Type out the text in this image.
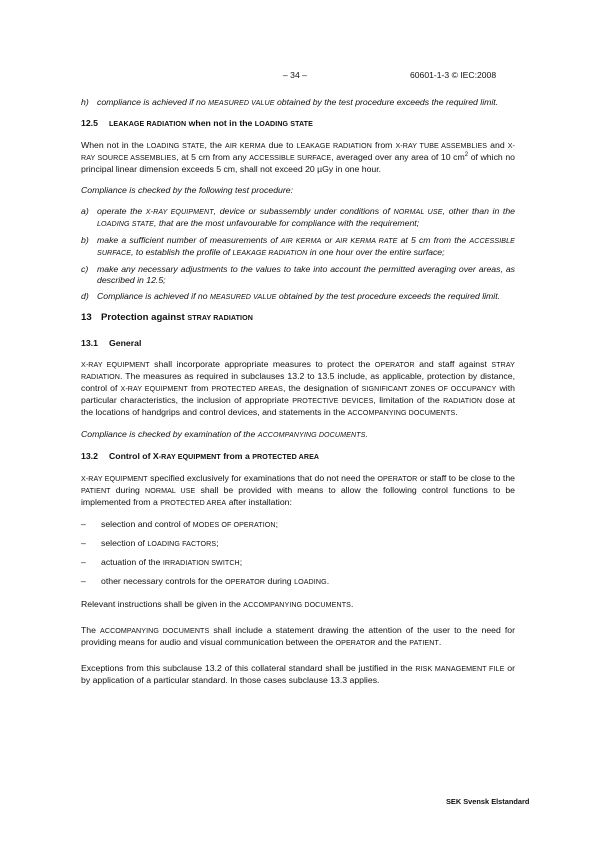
– 34 –	60601-1-3 © IEC:2008
h) compliance is achieved if no MEASURED VALUE obtained by the test procedure exceeds the required limit.
12.5 LEAKAGE RADIATION when not in the LOADING STATE

When not in the LOADING STATE, the AIR KERMA due to LEAKAGE RADIATION from X-RAY TUBE ASSEMBLIES and X-RAY SOURCE ASSEMBLIES, at 5 cm from any ACCESSIBLE SURFACE, averaged over any area of 10 $cm^2$ of which no principal linear dimension exceeds 5 cm, shall not exceed 20 µGy in one hour.

Compliance is checked by the following test procedure:

a) operate the X-RAY EQUIPMENT, device or subassembly under conditions of NORMAL USE, other than in the LOADING STATE, that are the most unfavourable for compliance with the requirement;
b) make a sufficient number of measurements of AIR KERMA or AIR KERMA RATE at 5 cm from the ACCESSIBLE SURFACE, to establish the profile of LEAKAGE RADIATION in one hour over the entire surface;
c) make any necessary adjustments to the values to take into account the permitted averaging over areas, as described in 12.5;
d) Compliance is achieved if no MEASURED VALUE obtained by the test procedure exceeds the required limit.
13 Protection against STRAY RADIATION
13.1 General

X-RAY EQUIPMENT shall incorporate appropriate measures to protect the OPERATOR and staff against STRAY RADIATION. The measures as required in subclauses 13.2 to 13.5 include, as applicable, protection by distance, control of X-RAY EQUIPMENT from PROTECTED AREAS, the designation of SIGNIFICANT ZONES OF OCCUPANCY with particular characteristics, the inclusion of appropriate PROTECTIVE DEVICES, limitation of the RADIATION dose at the locations of handgrips and control devices, and statements in the ACCOMPANYING DOCUMENTS.

Compliance is checked by examination of the ACCOMPANYING DOCUMENTS.

13.2 Control of X-RAY EQUIPMENT from a PROTECTED AREA

X-RAY EQUIPMENT specified exclusively for examinations that do not need the OPERATOR or staff to be close to the PATIENT during NORMAL USE shall be provided with means to allow the following control functions to be implemented from a PROTECTED AREA after installation:

– selection and control of MODES OF OPERATION;
– selection of LOADING FACTORS;
– actuation of the IRRADIATION SWITCH;
– other necessary controls for the OPERATOR during LOADING.

Relevant instructions shall be given in the ACCOMPANYING DOCUMENTS.

The ACCOMPANYING DOCUMENTS shall include a statement drawing the attention of the user to the need for providing means for audio and visual communication between the OPERATOR and the PATIENT.

Exceptions from this subclause 13.2 of this collateral standard shall be justified in the RISK MANAGEMENT FILE or by application of a particular standard. In those cases subclause 13.3 applies.

SEK Svensk Elstandard
